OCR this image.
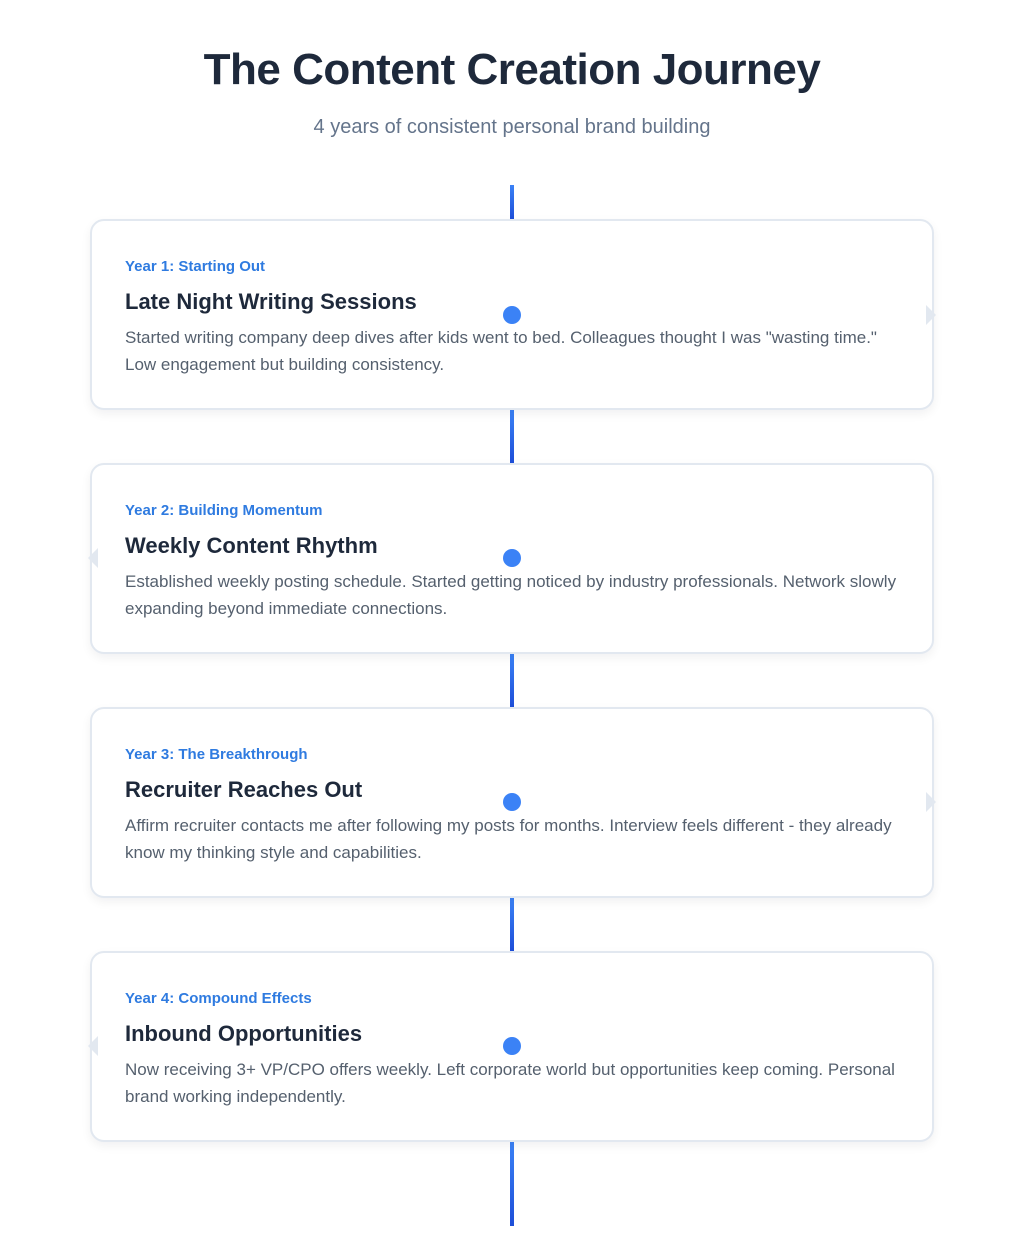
The Content Creation Journey

4 years of consistent personal brand building

Year 1: Starting Out
Late Night Writing Sessions
Started writing company deep dives after kids went to bed. Colleagues thought I was "wasting time." Low engagement but building consistency.
Year 2: Building Momentum
Weekly Content Rhythm
Established weekly posting schedule. Started getting noticed by industry professionals. Network slowly expanding beyond immediate connections.
Year 3: The Breakthrough
Recruiter Reaches Out
Affirm recruiter contacts me after following my posts for months. Interview feels different - they already know my thinking style and capabilities.
Year 4: Compound Effects
Inbound Opportunities
Now receiving 3+ VP/CPO offers weekly. Left corporate world but opportunities keep coming. Personal brand working independently.
